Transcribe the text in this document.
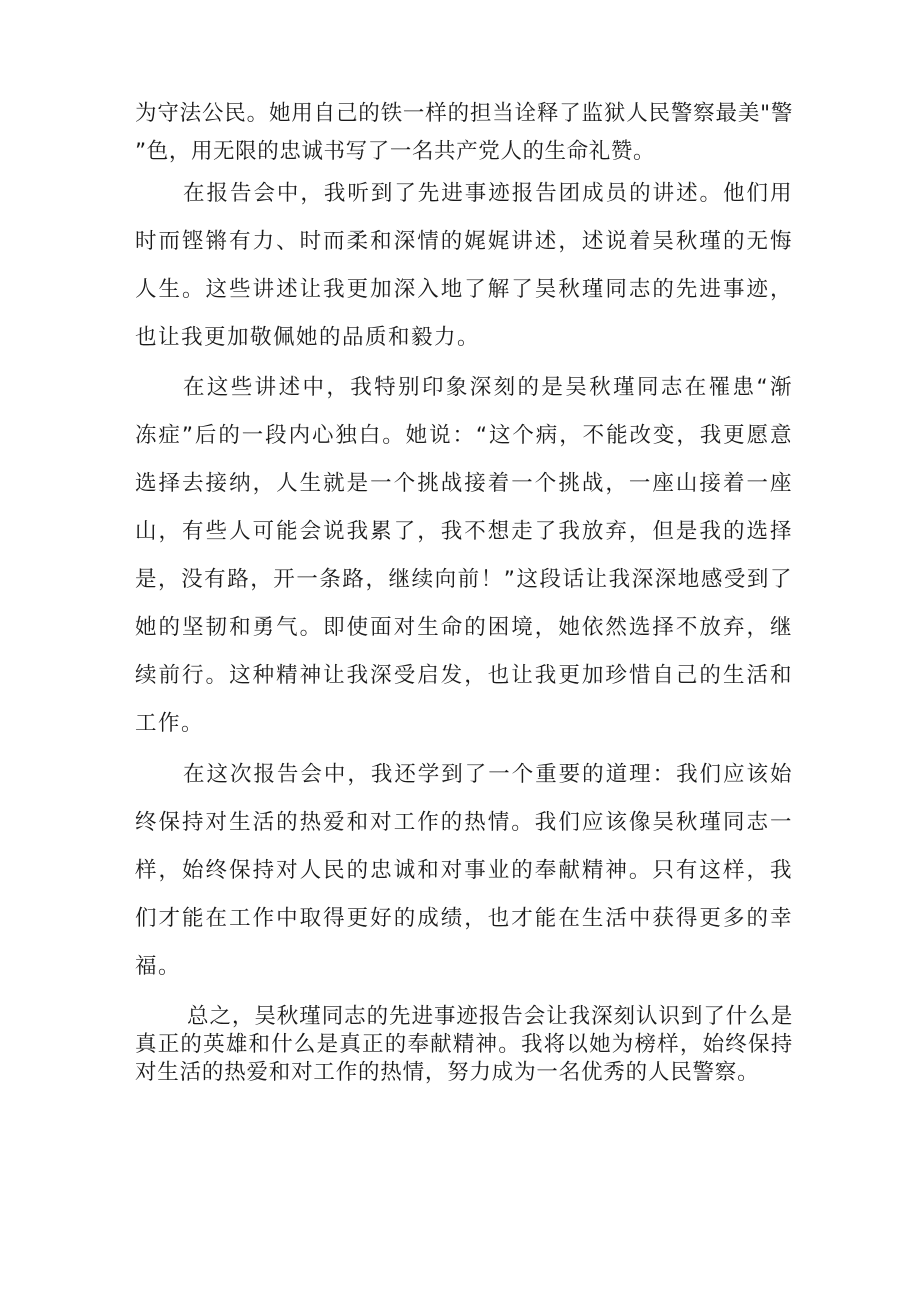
为守法公民。她用自己的铁一样的担当诠释了监狱人民警察最美"警”色，用无限的忠诚书写了一名共产党人的生命礼赞。

在报告会中，我听到了先进事迹报告团成员的讲述。他们用时而铿锵有力、时而柔和深情的娓娓讲述，述说着吴秋瑾的无悔人生。这些讲述让我更加深入地了解了吴秋瑾同志的先进事迹，也让我更加敬佩她的品质和毅力。

在这些讲述中，我特别印象深刻的是吴秋瑾同志在罹患“渐冻症”后的一段内心独白。她说：“这个病，不能改变，我更愿意选择去接纳，人生就是一个挑战接着一个挑战，一座山接着一座山，有些人可能会说我累了，我不想走了我放弃，但是我的选择是，没有路，开一条路，继续向前！”这段话让我深深地感受到了她的坚韧和勇气。即使面对生命的困境，她依然选择不放弃，继续前行。这种精神让我深受启发，也让我更加珍惜自己的生活和工作。

在这次报告会中，我还学到了一个重要的道理：我们应该始终保持对生活的热爱和对工作的热情。我们应该像吴秋瑾同志一样，始终保持对人民的忠诚和对事业的奉献精神。只有这样，我们才能在工作中取得更好的成绩，也才能在生活中获得更多的幸福。

总之，吴秋瑾同志的先进事迹报告会让我深刻认识到了什么是真正的英雄和什么是真正的奉献精神。我将以她为榜样，始终保持对生活的热爱和对工作的热情，努力成为一名优秀的人民警察。
